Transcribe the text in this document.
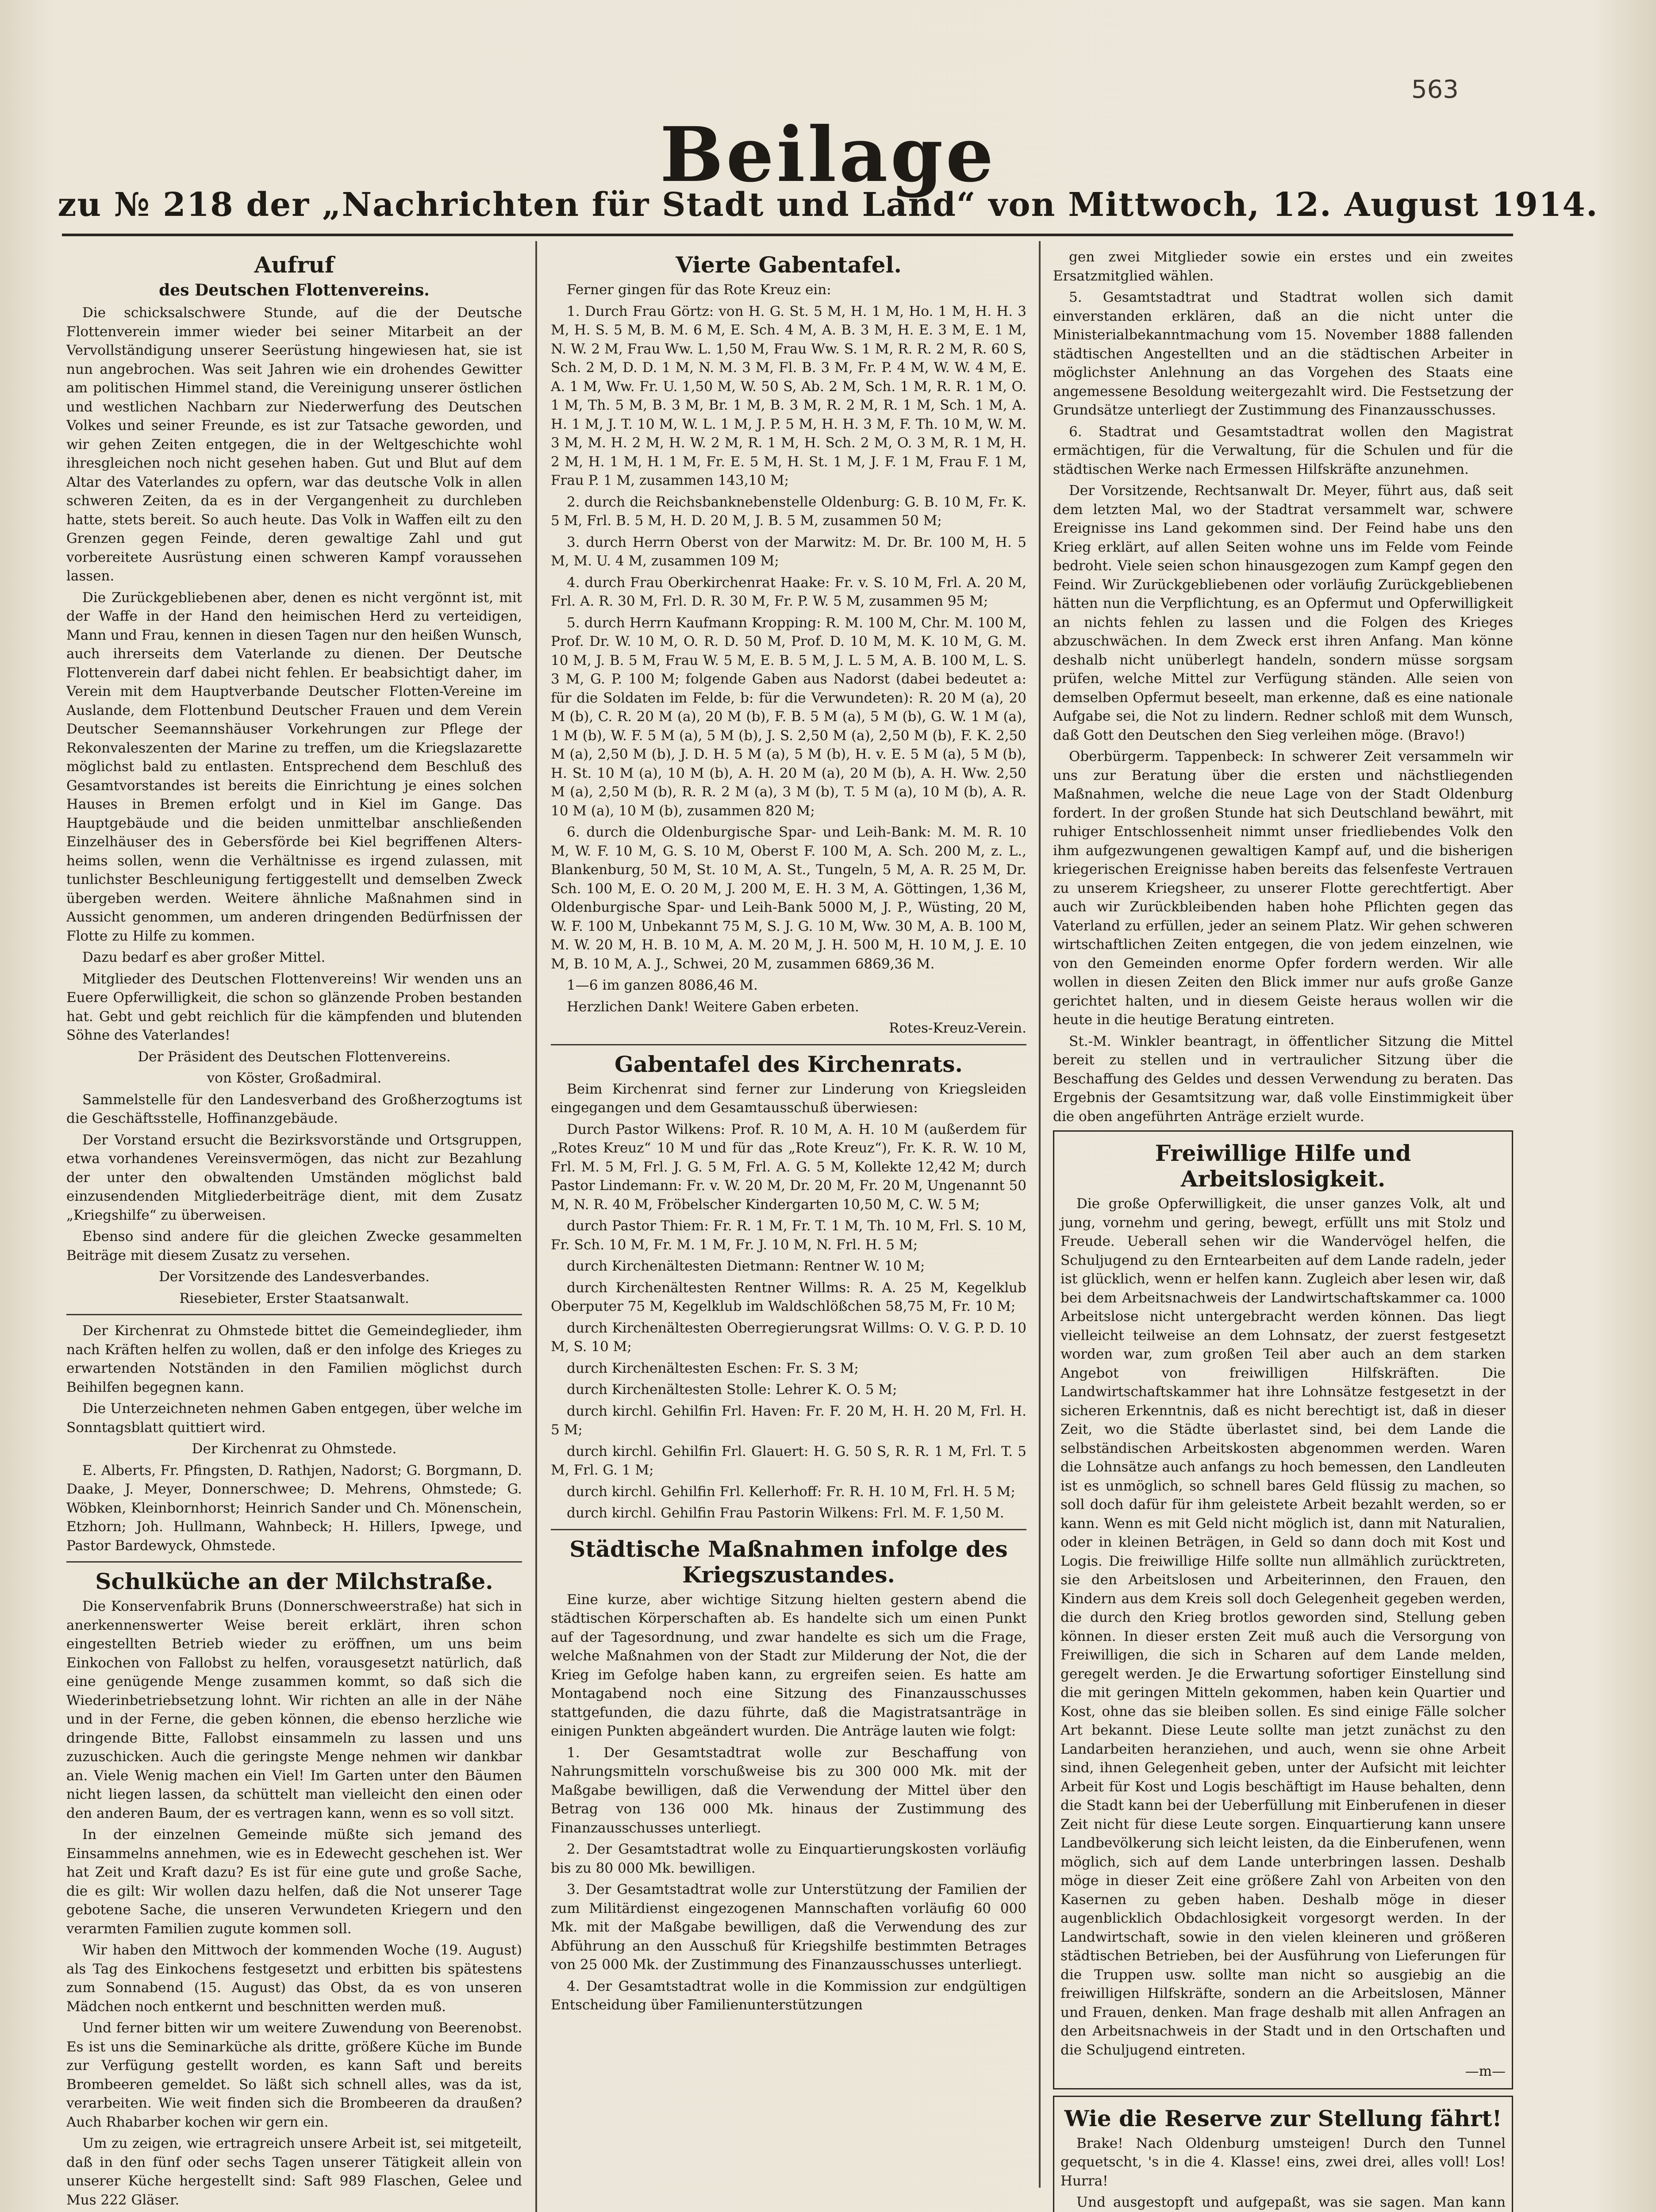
563
Beilage
zu № 218 der „Nachrichten für Stadt und Land“ von Mittwoch, 12. August 1914.
Aufruf
des Deutschen Flottenvereins.

Die schicksalschwere Stunde, auf die der Deutsche Flottenverein immer wieder bei seiner Mitarbeit an der Vervollständigung unserer Seerüstung hingewiesen hat, sie ist nun angebrochen. Was seit Jahren wie ein drohendes Gewitter am politischen Himmel stand, die Vereinigung unserer östlichen und westlichen Nachbarn zur Niederwerfung des Deutschen Volkes und seiner Freunde, es ist zur Tatsache geworden, und wir gehen Zeiten entgegen, die in der Weltgeschichte wohl ihresgleichen noch nicht gesehen haben. Gut und Blut auf dem Altar des Vaterlandes zu opfern, war das deutsche Volk in allen schweren Zeiten, da es in der Vergangenheit zu durchleben hatte, stets bereit. So auch heute. Das Volk in Waffen eilt zu den Grenzen gegen Feinde, deren gewaltige Zahl und gut vorbereitete Ausrüstung einen schweren Kampf voraussehen lassen.

Die Zurückgebliebenen aber, denen es nicht vergönnt ist, mit der Waffe in der Hand den heimischen Herd zu verteidigen, Mann und Frau, kennen in diesen Tagen nur den heißen Wunsch, auch ihrerseits dem Vaterlande zu dienen. Der Deutsche Flottenverein darf dabei nicht fehlen. Er beabsichtigt daher, im Verein mit dem Hauptverbande Deutscher Flotten-Vereine im Auslande, dem Flottenbund Deutscher Frauen und dem Verein Deutscher Seemannshäuser Vorkehrungen zur Pflege der Rekonvaleszenten der Marine zu treffen, um die Kriegslazarette möglichst bald zu entlasten. Entsprechend dem Beschluß des Gesamtvorstandes ist bereits die Einrichtung je eines solchen Hauses in Bremen erfolgt und in Kiel im Gange. Das Hauptgebäude und die beiden unmittelbar anschließenden Einzelhäuser des in Gebersförde bei Kiel begriffenen Alters-heims sollen, wenn die Verhältnisse es irgend zulassen, mit tunlichster Beschleunigung fertiggestellt und demselben Zweck übergeben werden. Weitere ähnliche Maßnahmen sind in Aussicht genommen, um anderen dringenden Bedürfnissen der Flotte zu Hilfe zu kommen.

Dazu bedarf es aber großer Mittel.

Mitglieder des Deutschen Flottenvereins! Wir wenden uns an Euere Opferwilligkeit, die schon so glänzende Proben bestanden hat. Gebt und gebt reichlich für die kämpfenden und blutenden Söhne des Vaterlandes!

Der Präsident des Deutschen Flottenvereins.

von Köster, Großadmiral.

Sammelstelle für den Landesverband des Großherzogtums ist die Geschäftsstelle, Hoffinanzgebäude.

Der Vorstand ersucht die Bezirksvorstände und Ortsgruppen, etwa vorhandenes Vereinsvermögen, das nicht zur Bezahlung der unter den obwaltenden Umständen möglichst bald einzusendenden Mitgliederbeiträge dient, mit dem Zusatz „Kriegshilfe“ zu überweisen.

Ebenso sind andere für die gleichen Zwecke gesammelten Beiträge mit diesem Zusatz zu versehen.

Der Vorsitzende des Landesverbandes.

Riesebieter, Erster Staatsanwalt.

Der Kirchenrat zu Ohmstede bittet die Gemeindeglieder, ihm nach Kräften helfen zu wollen, daß er den infolge des Krieges zu erwartenden Notständen in den Familien möglichst durch Beihilfen begegnen kann.

Die Unterzeichneten nehmen Gaben entgegen, über welche im Sonntagsblatt quittiert wird.

Der Kirchenrat zu Ohmstede.

E. Alberts, Fr. Pfingsten, D. Rathjen, Nadorst; G. Borgmann, D. Daake, J. Meyer, Donnerschwee; D. Mehrens, Ohmstede; G. Wöbken, Kleinbornhorst; Heinrich Sander und Ch. Mönenschein, Etzhorn; Joh. Hullmann, Wahnbeck; H. Hillers, Ipwege, und Pastor Bardewyck, Ohmstede.

Schulküche an der Milchstraße.

Die Konservenfabrik Bruns (Donnerschweerstraße) hat sich in anerkennenswerter Weise bereit erklärt, ihren schon eingestellten Betrieb wieder zu eröffnen, um uns beim Einkochen von Fallobst zu helfen, vorausgesetzt natürlich, daß eine genügende Menge zusammen kommt, so daß sich die Wiederinbetriebsetzung lohnt. Wir richten an alle in der Nähe und in der Ferne, die geben können, die ebenso herzliche wie dringende Bitte, Fallobst einsammeln zu lassen und uns zuzuschicken. Auch die geringste Menge nehmen wir dankbar an. Viele Wenig machen ein Viel! Im Garten unter den Bäumen nicht liegen lassen, da schüttelt man vielleicht den einen oder den anderen Baum, der es vertragen kann, wenn es so voll sitzt.

In der einzelnen Gemeinde müßte sich jemand des Einsammelns annehmen, wie es in Edewecht geschehen ist. Wer hat Zeit und Kraft dazu? Es ist für eine gute und große Sache, die es gilt: Wir wollen dazu helfen, daß die Not unserer Tage gebotene Sache, die unseren Verwundeten Kriegern und den verarmten Familien zugute kommen soll.

Wir haben den Mittwoch der kommenden Woche (19. August) als Tag des Einkochens festgesetzt und erbitten bis spätestens zum Sonnabend (15. August) das Obst, da es von unseren Mädchen noch entkernt und beschnitten werden muß.

Und ferner bitten wir um weitere Zuwendung von Beerenobst. Es ist uns die Seminarküche als dritte, größere Küche im Bunde zur Verfügung gestellt worden, es kann Saft und bereits Brombeeren gemeldet. So läßt sich schnell alles, was da ist, verarbeiten. Wie weit finden sich die Brombeeren da draußen? Auch Rhabarber kochen wir gern ein.

Um zu zeigen, wie ertragreich unsere Arbeit ist, sei mitgeteilt, daß in den fünf oder sechs Tagen unserer Tätigkeit allein von unserer Küche hergestellt sind: Saft 989 Flaschen, Gelee und Mus 222 Gläser.

Vierte Gabentafel.

Ferner gingen für das Rote Kreuz ein:

1. Durch Frau Görtz: von H. G. St. 5 M, H. 1 M, Ho. 1 M, H. H. 3 M, H. S. 5 M, B. M. 6 M, E. Sch. 4 M, A. B. 3 M, H. E. 3 M, E. 1 M, N. W. 2 M, Frau Ww. L. 1,50 M, Frau Ww. S. 1 M, R. R. 2 M, R. 60 S, Sch. 2 M, D. D. 1 M, N. M. 3 M, Fl. B. 3 M, Fr. P. 4 M, W. W. 4 M, E. A. 1 M, Ww. Fr. U. 1,50 M, W. 50 S, Ab. 2 M, Sch. 1 M, R. R. 1 M, O. 1 M, Th. 5 M, B. 3 M, Br. 1 M, B. 3 M, R. 2 M, R. 1 M, Sch. 1 M, A. H. 1 M, J. T. 10 M, W. L. 1 M, J. P. 5 M, H. H. 3 M, F. Th. 10 M, W. M. 3 M, M. H. 2 M, H. W. 2 M, R. 1 M, H. Sch. 2 M, O. 3 M, R. 1 M, H. 2 M, H. 1 M, H. 1 M, Fr. E. 5 M, H. St. 1 M, J. F. 1 M, Frau F. 1 M, Frau P. 1 M, zusammen 143,10 M;

2. durch die Reichsbanknebenstelle Oldenburg: G. B. 10 M, Fr. K. 5 M, Frl. B. 5 M, H. D. 20 M, J. B. 5 M, zusammen 50 M;

3. durch Herrn Oberst von der Marwitz: M. Dr. Br. 100 M, H. 5 M, M. U. 4 M, zusammen 109 M;

4. durch Frau Oberkirchenrat Haake: Fr. v. S. 10 M, Frl. A. 20 M, Frl. A. R. 30 M, Frl. D. R. 30 M, Fr. P. W. 5 M, zusammen 95 M;

5. durch Herrn Kaufmann Kropping: R. M. 100 M, Chr. M. 100 M, Prof. Dr. W. 10 M, O. R. D. 50 M, Prof. D. 10 M, M. K. 10 M, G. M. 10 M, J. B. 5 M, Frau W. 5 M, E. B. 5 M, J. L. 5 M, A. B. 100 M, L. S. 3 M, G. P. 100 M; folgende Gaben aus Nadorst (dabei bedeutet a: für die Soldaten im Felde, b: für die Verwundeten): R. 20 M (a), 20 M (b), C. R. 20 M (a), 20 M (b), F. B. 5 M (a), 5 M (b), G. W. 1 M (a), 1 M (b), W. F. 5 M (a), 5 M (b), J. S. 2,50 M (a), 2,50 M (b), F. K. 2,50 M (a), 2,50 M (b), J. D. H. 5 M (a), 5 M (b), H. v. E. 5 M (a), 5 M (b), H. St. 10 M (a), 10 M (b), A. H. 20 M (a), 20 M (b), A. H. Ww. 2,50 M (a), 2,50 M (b), R. R. 2 M (a), 3 M (b), T. 5 M (a), 10 M (b), A. R. 10 M (a), 10 M (b), zusammen 820 M;

6. durch die Oldenburgische Spar- und Leih-Bank: M. M. R. 10 M, W. F. 10 M, G. S. 10 M, Oberst F. 100 M, A. Sch. 200 M, z. L., Blankenburg, 50 M, St. 10 M, A. St., Tungeln, 5 M, A. R. 25 M, Dr. Sch. 100 M, E. O. 20 M, J. 200 M, E. H. 3 M, A. Göttingen, 1,36 M, Oldenburgische Spar- und Leih-Bank 5000 M, J. P., Wüsting, 20 M, W. F. 100 M, Unbekannt 75 M, S. J. G. 10 M, Ww. 30 M, A. B. 100 M, M. W. 20 M, H. B. 10 M, A. M. 20 M, J. H. 500 M, H. 10 M, J. E. 10 M, B. 10 M, A. J., Schwei, 20 M, zusammen 6869,36 M.

1—6 im ganzen 8086,46 M.

Herzlichen Dank! Weitere Gaben erbeten.

Rotes-Kreuz-Verein.

Gabentafel des Kirchenrats.

Beim Kirchenrat sind ferner zur Linderung von Kriegsleiden eingegangen und dem Gesamtausschuß überwiesen:

Durch Pastor Wilkens: Prof. R. 10 M, A. H. 10 M (außerdem für „Rotes Kreuz“ 10 M und für das „Rote Kreuz“), Fr. K. R. W. 10 M, Frl. M. 5 M, Frl. J. G. 5 M, Frl. A. G. 5 M, Kollekte 12,42 M; durch Pastor Lindemann: Fr. v. W. 20 M, Dr. 20 M, Fr. 20 M, Ungenannt 50 M, N. R. 40 M, Fröbelscher Kindergarten 10,50 M, C. W. 5 M;

durch Pastor Thiem: Fr. R. 1 M, Fr. T. 1 M, Th. 10 M, Frl. S. 10 M, Fr. Sch. 10 M, Fr. M. 1 M, Fr. J. 10 M, N. Frl. H. 5 M;

durch Kirchenältesten Dietmann: Rentner W. 10 M;

durch Kirchenältesten Rentner Willms: R. A. 25 M, Kegelklub Oberputer 75 M, Kegelklub im Waldschlößchen 58,75 M, Fr. 10 M;

durch Kirchenältesten Oberregierungsrat Willms: O. V. G. P. D. 10 M, S. 10 M;

durch Kirchenältesten Eschen: Fr. S. 3 M;

durch Kirchenältesten Stolle: Lehrer K. O. 5 M;

durch kirchl. Gehilfin Frl. Haven: Fr. F. 20 M, H. H. 20 M, Frl. H. 5 M;

durch kirchl. Gehilfin Frl. Glauert: H. G. 50 S, R. R. 1 M, Frl. T. 5 M, Frl. G. 1 M;

durch kirchl. Gehilfin Frl. Kellerhoff: Fr. R. H. 10 M, Frl. H. 5 M;

durch kirchl. Gehilfin Frau Pastorin Wilkens: Frl. M. F. 1,50 M.

Städtische Maßnahmen infolge des Kriegszustandes.

Eine kurze, aber wichtige Sitzung hielten gestern abend die städtischen Körperschaften ab. Es handelte sich um einen Punkt auf der Tagesordnung, und zwar handelte es sich um die Frage, welche Maßnahmen von der Stadt zur Milderung der Not, die der Krieg im Gefolge haben kann, zu ergreifen seien. Es hatte am Montagabend noch eine Sitzung des Finanzausschusses stattgefunden, die dazu führte, daß die Magistratsanträge in einigen Punkten abgeändert wurden. Die Anträge lauten wie folgt:

1. Der Gesamtstadtrat wolle zur Beschaffung von Nahrungsmitteln vorschußweise bis zu 300 000 Mk. mit der Maßgabe bewilligen, daß die Verwendung der Mittel über den Betrag von 136 000 Mk. hinaus der Zustimmung des Finanzausschusses unterliegt.

2. Der Gesamtstadtrat wolle zu Einquartierungskosten vorläufig bis zu 80 000 Mk. bewilligen.

3. Der Gesamtstadtrat wolle zur Unterstützung der Familien der zum Militärdienst eingezogenen Mannschaften vorläufig 60 000 Mk. mit der Maßgabe bewilligen, daß die Verwendung des zur Abführung an den Ausschuß für Kriegshilfe bestimmten Betrages von 25 000 Mk. der Zustimmung des Finanzausschusses unterliegt.

4. Der Gesamtstadtrat wolle in die Kommission zur endgültigen Entscheidung über Familienunterstützungen

gen zwei Mitglieder sowie ein erstes und ein zweites Ersatzmitglied wählen.

5. Gesamtstadtrat und Stadtrat wollen sich damit einverstanden erklären, daß an die nicht unter die Ministerialbekanntmachung vom 15. November 1888 fallenden städtischen Angestellten und an die städtischen Arbeiter in möglichster Anlehnung an das Vorgehen des Staats eine angemessene Besoldung weitergezahlt wird. Die Festsetzung der Grundsätze unterliegt der Zustimmung des Finanzausschusses.

6. Stadtrat und Gesamtstadtrat wollen den Magistrat ermächtigen, für die Verwaltung, für die Schulen und für die städtischen Werke nach Ermessen Hilfskräfte anzunehmen.

Der Vorsitzende, Rechtsanwalt Dr. Meyer, führt aus, daß seit dem letzten Mal, wo der Stadtrat versammelt war, schwere Ereignisse ins Land gekommen sind. Der Feind habe uns den Krieg erklärt, auf allen Seiten wohne uns im Felde vom Feinde bedroht. Viele seien schon hinausgezogen zum Kampf gegen den Feind. Wir Zurückgebliebenen oder vorläufig Zurückgebliebenen hätten nun die Verpflichtung, es an Opfermut und Opferwilligkeit an nichts fehlen zu lassen und die Folgen des Krieges abzuschwächen. In dem Zweck erst ihren Anfang. Man könne deshalb nicht unüberlegt handeln, sondern müsse sorgsam prüfen, welche Mittel zur Verfügung ständen. Alle seien von demselben Opfermut beseelt, man erkenne, daß es eine nationale Aufgabe sei, die Not zu lindern. Redner schloß mit dem Wunsch, daß Gott den Deutschen den Sieg verleihen möge. (Bravo!)

Oberbürgerm. Tappenbeck: In schwerer Zeit versammeln wir uns zur Beratung über die ersten und nächstliegenden Maßnahmen, welche die neue Lage von der Stadt Oldenburg fordert. In der großen Stunde hat sich Deutschland bewährt, mit ruhiger Entschlossenheit nimmt unser friedliebendes Volk den ihm aufgezwungenen gewaltigen Kampf auf, und die bisherigen kriegerischen Ereignisse haben bereits das felsenfeste Vertrauen zu unserem Kriegsheer, zu unserer Flotte gerechtfertigt. Aber auch wir Zurückbleibenden haben hohe Pflichten gegen das Vaterland zu erfüllen, jeder an seinem Platz. Wir gehen schweren wirtschaftlichen Zeiten entgegen, die von jedem einzelnen, wie von den Gemeinden enorme Opfer fordern werden. Wir alle wollen in diesen Zeiten den Blick immer nur aufs große Ganze gerichtet halten, und in diesem Geiste heraus wollen wir die heute in die heutige Beratung eintreten.

St.-M. Winkler beantragt, in öffentlicher Sitzung die Mittel bereit zu stellen und in vertraulicher Sitzung über die Beschaffung des Geldes und dessen Verwendung zu beraten. Das Ergebnis der Gesamtsitzung war, daß volle Einstimmigkeit über die oben angeführten Anträge erzielt wurde.

Freiwillige Hilfe und Arbeitslosigkeit.

Die große Opferwilligkeit, die unser ganzes Volk, alt und jung, vornehm und gering, bewegt, erfüllt uns mit Stolz und Freude. Ueberall sehen wir die Wandervögel helfen, die Schuljugend zu den Erntearbeiten auf dem Lande radeln, jeder ist glücklich, wenn er helfen kann. Zugleich aber lesen wir, daß bei dem Arbeitsnachweis der Landwirtschaftskammer ca. 1000 Arbeitslose nicht untergebracht werden können. Das liegt vielleicht teilweise an dem Lohnsatz, der zuerst festgesetzt worden war, zum großen Teil aber auch an dem starken Angebot von freiwilligen Hilfskräften. Die Landwirtschaftskammer hat ihre Lohnsätze festgesetzt in der sicheren Erkenntnis, daß es nicht berechtigt ist, daß in dieser Zeit, wo die Städte überlastet sind, bei dem Lande die selbständischen Arbeitskosten abgenommen werden. Waren die Lohnsätze auch anfangs zu hoch bemessen, den Landleuten ist es unmöglich, so schnell bares Geld flüssig zu machen, so soll doch dafür für ihm geleistete Arbeit bezahlt werden, so er kann. Wenn es mit Geld nicht möglich ist, dann mit Naturalien, oder in kleinen Beträgen, in Geld so dann doch mit Kost und Logis. Die freiwillige Hilfe sollte nun allmählich zurücktreten, sie den Arbeitslosen und Arbeiterinnen, den Frauen, den Kindern aus dem Kreis soll doch Gelegenheit gegeben werden, die durch den Krieg brotlos geworden sind, Stellung geben können. In dieser ersten Zeit muß auch die Versorgung von Freiwilligen, die sich in Scharen auf dem Lande melden, geregelt werden. Je die Erwartung sofortiger Einstellung sind die mit geringen Mitteln gekommen, haben kein Quartier und Kost, ohne das sie bleiben sollen. Es sind einige Fälle solcher Art bekannt. Diese Leute sollte man jetzt zunächst zu den Landarbeiten heranziehen, und auch, wenn sie ohne Arbeit sind, ihnen Gelegenheit geben, unter der Aufsicht mit leichter Arbeit für Kost und Logis beschäftigt im Hause behalten, denn die Stadt kann bei der Ueberfüllung mit Einberufenen in dieser Zeit nicht für diese Leute sorgen. Einquartierung kann unsere Landbevölkerung sich leicht leisten, da die Einberufenen, wenn möglich, sich auf dem Lande unterbringen lassen. Deshalb möge in dieser Zeit eine größere Zahl von Arbeiten von den Kasernen zu geben haben. Deshalb möge in dieser augenblicklich Obdachlosigkeit vorgesorgt werden. In der Landwirtschaft, sowie in den vielen kleineren und größeren städtischen Betrieben, bei der Ausführung von Lieferungen für die Truppen usw. sollte man nicht so ausgiebig an die freiwilligen Hilfskräfte, sondern an die Arbeitslosen, Männer und Frauen, denken. Man frage deshalb mit allen Anfragen an den Arbeitsnachweis in der Stadt und in den Ortschaften und die Schuljugend eintreten.

—m—

Wie die Reserve zur Stellung fährt!

Brake! Nach Oldenburg umsteigen! Durch den Tunnel gequetscht, 's in die 4. Klasse! eins, zwei drei, alles voll! Los! Hurra!

Und ausgestopft und aufgepaßt, was sie sagen. Man kann
